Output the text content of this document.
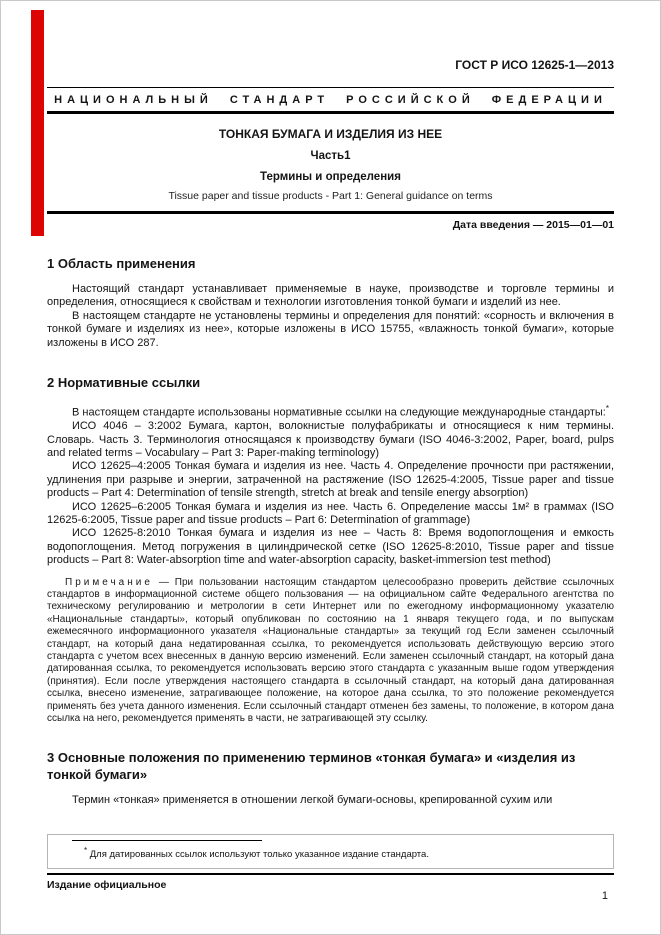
ГОСТ Р ИСО 12625-1—2013
НАЦИОНАЛЬНЫЙ СТАНДАРТ РОССИЙСКОЙ ФЕДЕРАЦИИ
ТОНКАЯ БУМАГА И ИЗДЕЛИЯ ИЗ НЕЕ
Часть1
Термины и определения
Tissue paper and tissue products - Part 1: General guidance on terms
Дата введения — 2015—01—01
1 Область применения

Настоящий стандарт устанавливает применяемые в науке, производстве и торговле термины и определения, относящиеся к свойствам и технологии изготовления тонкой бумаги и изделий из нее.

В настоящем стандарте не установлены термины и определения для понятий: «сорность и включения в тонкой бумаге и изделиях из нее», которые изложены в ИСО 15755, «влажность тонкой бумаги», которые изложены в ИСО 287.

2 Нормативные ссылки

В настоящем стандарте использованы нормативные ссылки на следующие международные стандарты:*

ИСО 4046 – 3:2002 Бумага, картон, волокнистые полуфабрикаты и относящиеся к ним термины. Словарь. Часть 3. Терминология относящаяся к производству бумаги (ISO 4046-3:2002, Paper, board, pulps and related terms – Vocabulary – Part 3: Paper-making terminology)

ИСО 12625–4:2005 Тонкая бумага и изделия из нее. Часть 4. Определение прочности при растяжении, удлинения при разрыве и энергии, затраченной на растяжение (ISO 12625-4:2005, Tissue paper and tissue products – Part 4: Determination of tensile strength, stretch at break and tensile energy absorption)

ИСО 12625–6:2005 Тонкая бумага и изделия из нее. Часть 6. Определение массы 1м² в граммах (ISO 12625-6:2005, Tissue paper and tissue products – Part 6: Determination of grammage)

ИСО 12625-8:2010 Тонкая бумага и изделия из нее – Часть 8: Время водопоглощения и емкость водопоглощения. Метод погружения в цилиндрической сетке (ISO 12625-8:2010, Tissue paper and tissue products – Part 8: Water-absorption time and water-absorption capacity, basket-immersion test method)

Примечание — При пользовании настоящим стандартом целесообразно проверить действие ссылочных стандартов в информационной системе общего пользования — на официальном сайте Федерального агентства по техническому регулированию и метрологии в сети Интернет или по ежегодному информационному указателю «Национальные стандарты», который опубликован по состоянию на 1 января текущего года, и по выпускам ежемесячного информационного указателя «Национальные стандарты» за текущий год Если заменен ссылочный стандарт, на который дана недатированная ссылка, то рекомендуется использовать действующую версию этого стандарта с учетом всех внесенных в данную версию изменений. Если заменен ссылочный стандарт, на который дана датированная ссылка, то рекомендуется использовать версию этого стандарта с указанным выше годом утверждения (принятия). Если после утверждения настоящего стандарта в ссылочный стандарт, на который дана датированная ссылка, внесено изменение, затрагивающее положение, на которое дана ссылка, то это положение рекомендуется применять без учета данного изменения. Если ссылочный стандарт отменен без замены, то положение, в котором дана ссылка на него, рекомендуется применять в части, не затрагивающей эту ссылку.

3 Основные положения по применению терминов «тонкая бумага» и «изделия из тонкой бумаги»

Термин «тонкая» применяется в отношении легкой бумаги-основы, крепированной сухим или

* Для датированных ссылок используют только указанное издание стандарта.
Издание официальное
1
